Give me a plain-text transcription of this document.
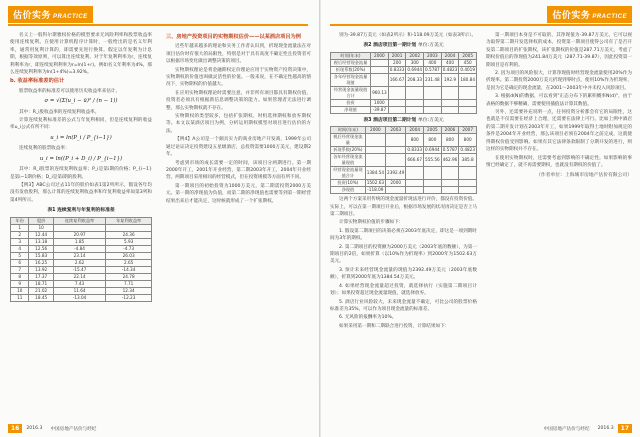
估价实务 PRACTICE	估价实务 PRACTICE

名义上一般科尔斯雅权价格的模型要求无风险利率和股票收益率使用连续复利。在使用计算机程序计算时，一般给出的是名义年利率，通常用复利计算的，即需要先进行换算。假定以年复利为计息期，根据等效原则，可以算出连续复利。对于年复利利率为r，连续复利利率为r，即连续复利利率为r=ln(1+r)。例如名义年利率为4%，那么连续复利利率为ln(1+4%)=3.92%。

b. 收益率标准差的估计

股票收益率的标准差可以使用历史收益率来估计。

σ = √(Σ(u_i − ū)² / (n − 1))

其中：R_i股收益率的连续复利收益率。

计算连续复利标准差的公式与年复利相同，但是连续复利的收益率u_i公式有所不同：

u_i = ln(P_i / P_{i−1})

连续复利的股票收益率：

u_i = ln((P_i + D_i) / P_{i−1})

其中：R_i股票的连续复利收益率；P_i是第i期的价格；P_{i−1}是第i−1期价格；D_i是第i期的股利。

【例3】ABC公司过去11年的股价如表1第2列所示，假设各年均没有发放股利，那么计算的连续复利收益率和年复利收益率如第3列和第4列所示。

表1 连续复利与年复利的标准差
年份	股价	连续复利收益率	年复利收益率
1	10		
2	12.44	20.97	24.36
3	13.18	1.85	5.93
4	12.56	-4.84	-4.73
5	15.83	23.14	26.03
6	16.25	2.62	2.65
7	13.92	-15.47	-14.34
8	17.37	22.14	24.78
9	18.71	7.43	7.71
10	21.02	11.64	12.34
11	18.45	-13.04	-12.23
三、房地产投资项目的实物期权估价——以某酒店项目为例

近些年越来越多的理论和实务工作者认识到，折现现金流量法在对项目估价时有很大的局限性，特别是对于具有高度不确定性且投资者可以根据市场变化做出调整决策的项目。

实物期权理论是将金融期权定价理论应用于实物资产投资决策中，实物期权的价值也叫做灵活性的价值。一般来说，在不确定性越高的情况下，实物期权的价值越大。

在应用实物期权理论时需要注意，并非所有项目都具有期权价值，投资者必须具有根据新信息调整决策的能力。如果管理者无法进行调整，那么实物期权就不存在。

实物期权的类型较多，包括扩张期权、时机选择期权和放弃期权等。本文以某酒店项目为例，分析运用期权模型对项目进行估价的方法。

【例4】A公司是一个颇具实力的商业房地产开发商，1999年公司通过论证决定投资建设五星级酒店，总投资需要1000万美元，建设期2年。

考虑到市场的成长需要一定的时间，该项目分两期进行。第一期2000年开工，2001年开业经营，第二期2003年开工，2004年开业经营。两期项目采用相同的经营模式，但在投资规模等方面有所不同。

第一期项目的初始投资为1000万美元，第二期需投资2000万美元。第一期的净现值为负值，而第二期的净现值也需要等到第一期经营结果出来后才能决定，这时候就形成了一个扩张期权。

别为-39.87万美元（如表2所示）和-118.09万美元（如表3所示）。

表2 酒店项目第一期计划 单位:万美元
时间(年末)	2000	2001	2002	2003	2004	2005
税后经营现金流量		200	300	400	400	450
折现系数(20%)		0.8333	0.6944	0.5787	0.4823	0.4019
各年经营现金流量现值		166.67	208.33	231.48	192.9	180.84
经营现金流量现值合计	960.13					
投资	1000					
净现值	-39.87					
表3 酒店项目第二期计划 单位:万美元
时间(年末)	2000	2003	2004	2005	2006	2007
税后经营现金流量			800	800	800	800
折现系数(20%)			0.8333	0.6944	0.5787	0.4823
各年经营现金流量现值			666.67	555.56	462.96	385.8
经营现金流量现值合计	1384.54	2392.49				
投资(10%)	1502.63	2000				
净现值	-118.09					

这两个方案采用传统的现金流量折现法进行评价，都没有投资价值。实际上，可以在第一期项目开业后，根据市场发展的状况再决定是否上马第二期项目。

计算实物期权价值的步骤如下：

1. 假设第二期项目的决策必须在2003年底决定，即这是一项到期时间为3年的期权。

2. 第二期项目的投资额为2000万美元（2003年底的数额），为第一期项目的2倍，如果折算（以10%作为折现率）到2000年为1502.63万美元。

3. 预计未来经营现金流量的现值为2392.49万美元（2003年底数额），折算到2000年底为1384.54万美元。

4. 如果经营现金流量超过投资，就选择执行（实施第二期项目计划）；如果投资超过现金流量现值，就选择放弃。

5. 酒店行业风险较大，未来现金流量不确定，可比公司的股票价格标准差为35%，可以作为项目现金流量的标准差。

6. 无风险的报酬率为10%。

如果采用第一期和二期联合进行投资，计算结果如下：

第一期项目本身是不可取的，其净现值为-39.87万美元，它可以视为取得第二期开发选择权的成本，投资第一期项目使得公司有了是否开发第二期项目的扩张期权，该扩张期权的价值是287.71万美元，考虑了期权价值后的净现值为241.84万美元（287.71-39.87），因此投资第一期项目是有利的。

2. 因为项目的风险很大，计算净现值时经营现金流量使用20%作为折现率。第二期投资2000万美元折现到零时点，使用10%作为折现率，是因为它是确定的现金流量，在2001～2003年中并未投入风险项目。

3. 根据d(N)的数据，可以看到"正态分布下的累积概率N(d)"，由于表格的数据不够精确，需要使用插值法计算其数值。

另外，还需要补充说明一点，任何投资分析都会有它的局限性，这也就是不仅需要在经济上合理，还需要在法律上可行。比如上例中酒店的第二期开发计划在2003年开工，如果1999年取得土地时附加规定的条件是2004年开业经营，那么该项目必须在2004年之前完成，这就使得期权价值受到影响。如果有其它法律条款限制了分期开发的进行，则这样的实物期权并不存在。

在使用实物期权时，还需要考虑到影响的不确定性。如果影响的事情已经确定了，就不再需要期权，也就没有期权的价值了。

（作者单位：上海城市房地产估价有限公司）
16	2016.3 中国房地产估价与经纪	中国房地产估价与经纪 2016.3	17
